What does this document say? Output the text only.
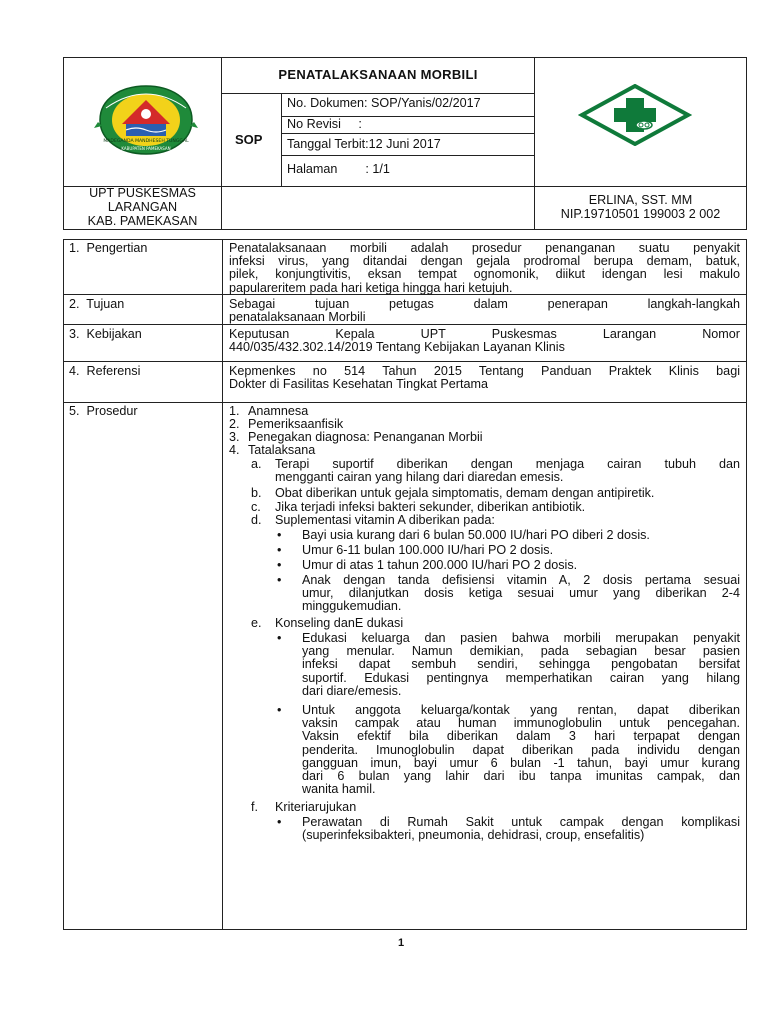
PENATALAKSANAAN MORBILI
SOP
No. Dokumen: SOP/Yanis/02/2017
No Revisi     :
Tanggal Terbit:12 Juni 2017
Halaman        : 1/1
UPT PUSKESMAS
LARANGAN
KAB. PAMEKASAN
ERLINA, SST. MM
NIP.19710501 199003 2 002
MADEGANDA MANDHESEH TUNGGAL
KABUPATEN PAMEKASAN
1.  Pengertian
2.  Tujuan
3.  Kebijakan
4.  Referensi
5.  Prosedur
Penatalaksanaan morbili adalah prosedur penanganan suatu penyakit
infeksi virus, yang ditandai dengan gejala prodromal berupa demam, batuk,
pilek, konjungtivitis, eksan tempat ognomonik, diikut idengan lesi makulo
papulareritem pada hari ketiga hingga hari ketujuh.
Sebagai tujuan petugas dalam penerapan langkah-langkah
penatalaksanaan Morbili
Keputusan Kepala UPT Puskesmas Larangan Nomor
440/035/432.302.14/2019 Tentang Kebijakan Layanan Klinis
Kepmenkes no 514 Tahun 2015 Tentang Panduan Praktek Klinis bagi
Dokter di Fasilitas Kesehatan Tingkat Pertama
1. Anamnesa
2. Pemeriksaanfisik
3. Penegakan diagnosa: Penanganan Morbii
4. Tatalaksana
a. Terapi suportif diberikan dengan menjaga cairan tubuh dan
mengganti cairan yang hilang dari diaredan emesis.
b. Obat diberikan untuk gejala simptomatis, demam dengan antipiretik.
c. Jika terjadi infeksi bakteri sekunder, diberikan antibiotik.
d. Suplementasi vitamin A diberikan pada:
• Bayi usia kurang dari 6 bulan 50.000 IU/hari PO diberi 2 dosis.
• Umur 6-11 bulan 100.000 IU/hari PO 2 dosis.
• Umur di atas 1 tahun 200.000 IU/hari PO 2 dosis.
• Anak dengan tanda defisiensi vitamin A, 2 dosis pertama sesuai
umur, dilanjutkan dosis ketiga sesuai umur yang diberikan 2-4
minggukemudian.
e. Konseling danE dukasi
• Edukasi keluarga dan pasien bahwa morbili merupakan penyakit
yang menular. Namun demikian, pada sebagian besar pasien
infeksi dapat sembuh sendiri, sehingga pengobatan bersifat
suportif. Edukasi pentingnya memperhatikan cairan yang hilang
dari diare/emesis.
• Untuk anggota keluarga/kontak yang rentan, dapat diberikan
vaksin campak atau human immunoglobulin untuk pencegahan.
Vaksin efektif bila diberikan dalam 3 hari terpapat dengan
penderita. Imunoglobulin dapat diberikan pada individu dengan
gangguan imun, bayi umur 6 bulan -1 tahun, bayi umur kurang
dari 6 bulan yang lahir dari ibu tanpa imunitas campak, dan
wanita hamil.
f. Kriteriarujukan
• Perawatan di Rumah Sakit untuk campak dengan komplikasi
(superinfeksibakteri, pneumonia, dehidrasi, croup, ensefalitis)
1
